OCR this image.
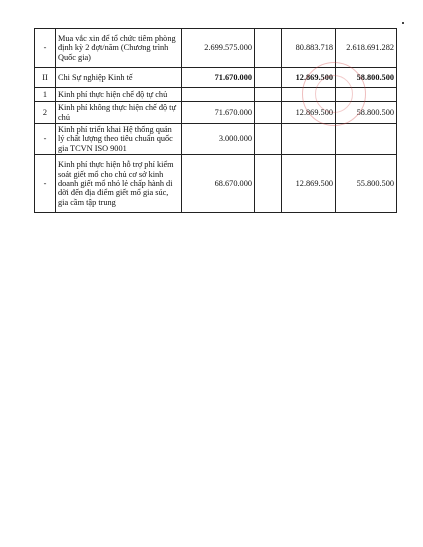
-	Mua vắc xin để tổ chức tiêm phòng định kỳ 2 đợt/năm (Chương trình Quốc gia)	2.699.575.000		80.883.718	2.618.691.282
II	Chi Sự nghiệp Kinh tế	71.670.000		12.869.500	58.800.500
1	Kinh phí thực hiện chế độ tự chủ				
2	Kinh phí không thực hiện chế độ tự chủ	71.670.000		12.869.500	58.800.500
-	Kinh phí triển khai Hệ thống quản lý chất lượng theo tiêu chuẩn quốc gia TCVN ISO 9001	3.000.000			
-	Kinh phí thực hiện hỗ trợ phí kiểm soát giết mổ cho chủ cơ sở kinh doanh giết mổ nhỏ lẻ chấp hành di dời đến địa điểm giết mổ gia súc, gia cầm tập trung	68.670.000		12.869.500	55.800.500
